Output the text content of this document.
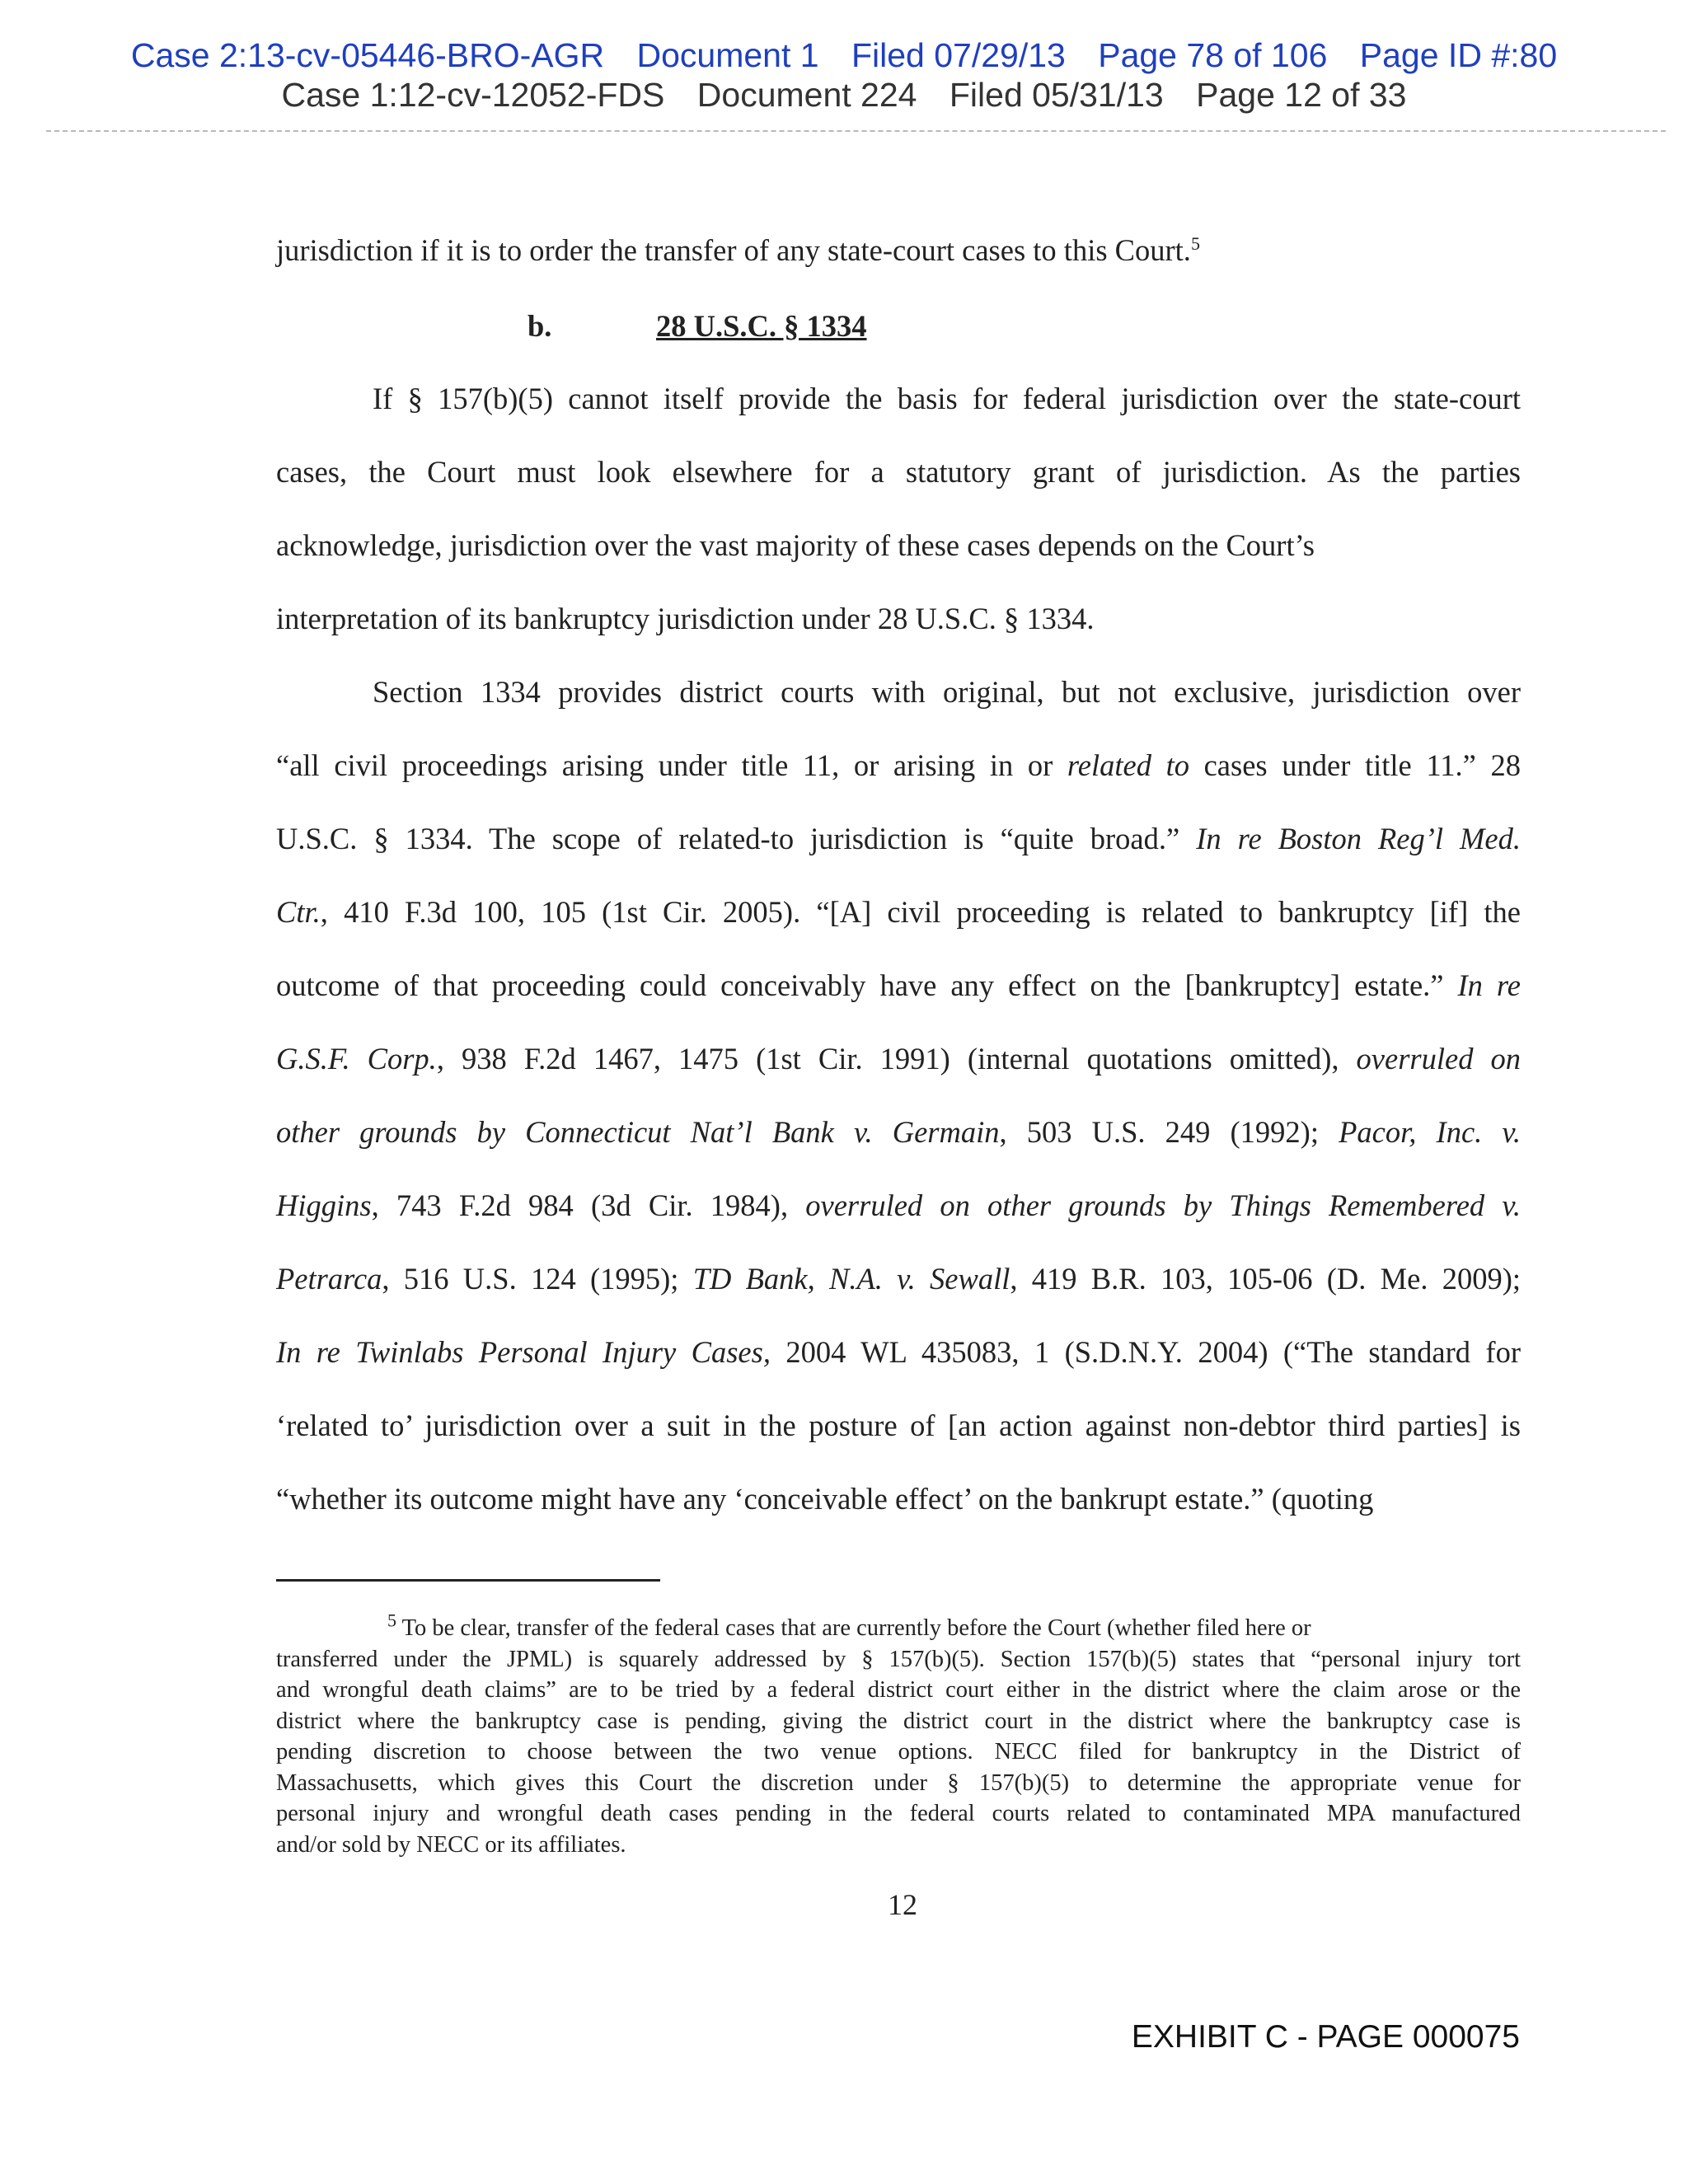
Case 2:13-cv-05446-BRO-AGR Document 1 Filed 07/29/13 Page 78 of 106 Page ID #:80
Case 1:12-cv-12052-FDS Document 224 Filed 05/31/13 Page 12 of 33
jurisdiction if it is to order the transfer of any state-court cases to this Court.$^5$
b.	28 U.S.C. § 1334
If § 157(b)(5) cannot itself provide the basis for federal jurisdiction over the state-court
cases, the Court must look elsewhere for a statutory grant of jurisdiction. As the parties
acknowledge, jurisdiction over the vast majority of these cases depends on the Court’s
interpretation of its bankruptcy jurisdiction under 28 U.S.C. § 1334.
Section 1334 provides district courts with original, but not exclusive, jurisdiction over
“all civil proceedings arising under title 11, or arising in or related to cases under title 11.” 28
U.S.C. § 1334. The scope of related-to jurisdiction is “quite broad.” In re Boston Reg’l Med.
Ctr., 410 F.3d 100, 105 (1st Cir. 2005). “[A] civil proceeding is related to bankruptcy [if] the
outcome of that proceeding could conceivably have any effect on the [bankruptcy] estate.” In re
G.S.F. Corp., 938 F.2d 1467, 1475 (1st Cir. 1991) (internal quotations omitted), overruled on
other grounds by Connecticut Nat’l Bank v. Germain, 503 U.S. 249 (1992); Pacor, Inc. v.
Higgins, 743 F.2d 984 (3d Cir. 1984), overruled on other grounds by Things Remembered v.
Petrarca, 516 U.S. 124 (1995); TD Bank, N.A. v. Sewall, 419 B.R. 103, 105-06 (D. Me. 2009);
In re Twinlabs Personal Injury Cases, 2004 WL 435083, 1 (S.D.N.Y. 2004) (“The standard for
‘related to’ jurisdiction over a suit in the posture of [an action against non-debtor third parties] is
“whether its outcome might have any ‘conceivable effect’ on the bankrupt estate.” (quoting
$^5$ To be clear, transfer of the federal cases that are currently before the Court (whether filed here or
transferred under the JPML) is squarely addressed by § 157(b)(5). Section 157(b)(5) states that “personal injury tort
and wrongful death claims” are to be tried by a federal district court either in the district where the claim arose or the
district where the bankruptcy case is pending, giving the district court in the district where the bankruptcy case is
pending discretion to choose between the two venue options. NECC filed for bankruptcy in the District of
Massachusetts, which gives this Court the discretion under § 157(b)(5) to determine the appropriate venue for
personal injury and wrongful death cases pending in the federal courts related to contaminated MPA manufactured
and/or sold by NECC or its affiliates.
12
EXHIBIT C - PAGE 000075
